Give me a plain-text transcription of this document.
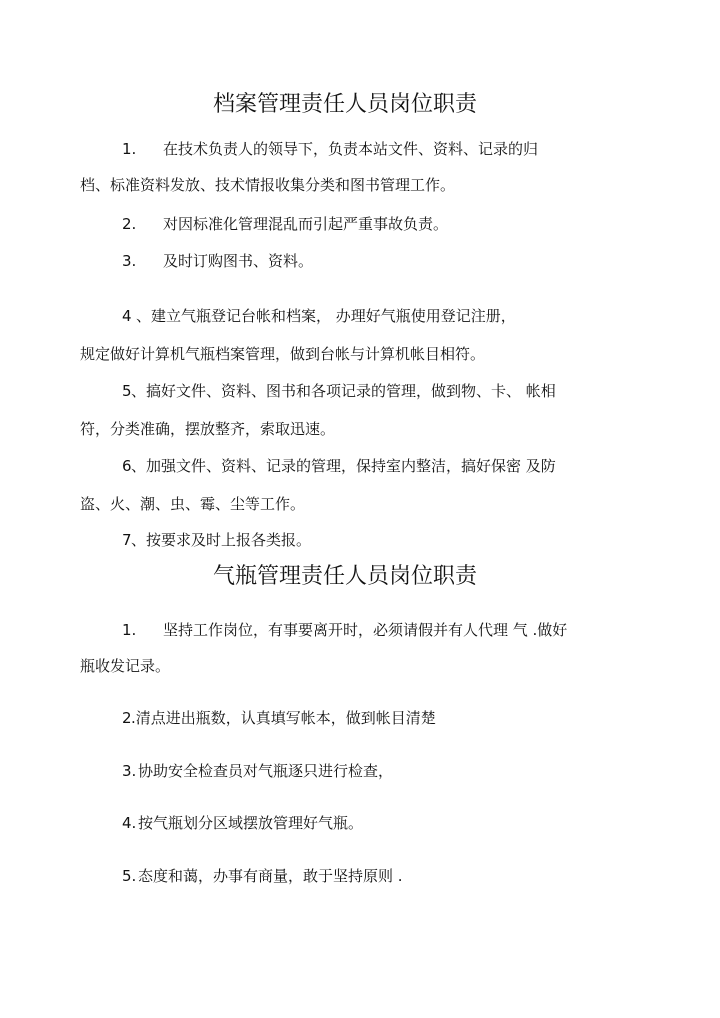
档案管理责任人员岗位职责
1. 在技术负责人的领导下，负责本站文件、资料、记录的归
档、标准资料发放、技术情报收集分类和图书管理工作。
2. 对因标准化管理混乱而引起严重事故负责。
3. 及时订购图书、资料。
4 、建立气瓶登记台帐和档案， 办理好气瓶使用登记注册，
规定做好计算机气瓶档案管理，做到台帐与计算机帐目相符。
5 、搞好文件、资料、图书和各项记录的管理，做到物、卡、 帐相
符，分类准确，摆放整齐，索取迅速。
6 、加强文件、资料、记录的管理，保持室内整洁，搞好保密 及防
盗、火、潮、虫、霉、尘等工作。
7 、按要求及时上报各类报。
气瓶管理责任人员岗位职责
1. 坚持工作岗位，有事要离开时，必须请假并有人代理 气 .做好
瓶收发记录。
2 .清点进出瓶数，认真填写帐本，做到帐目清楚
3. 协助安全检查员对气瓶逐只进行检查，
4. 按气瓶划分区域摆放管理好气瓶。
5. 态度和蔼，办事有商量，敢于坚持原则 .
